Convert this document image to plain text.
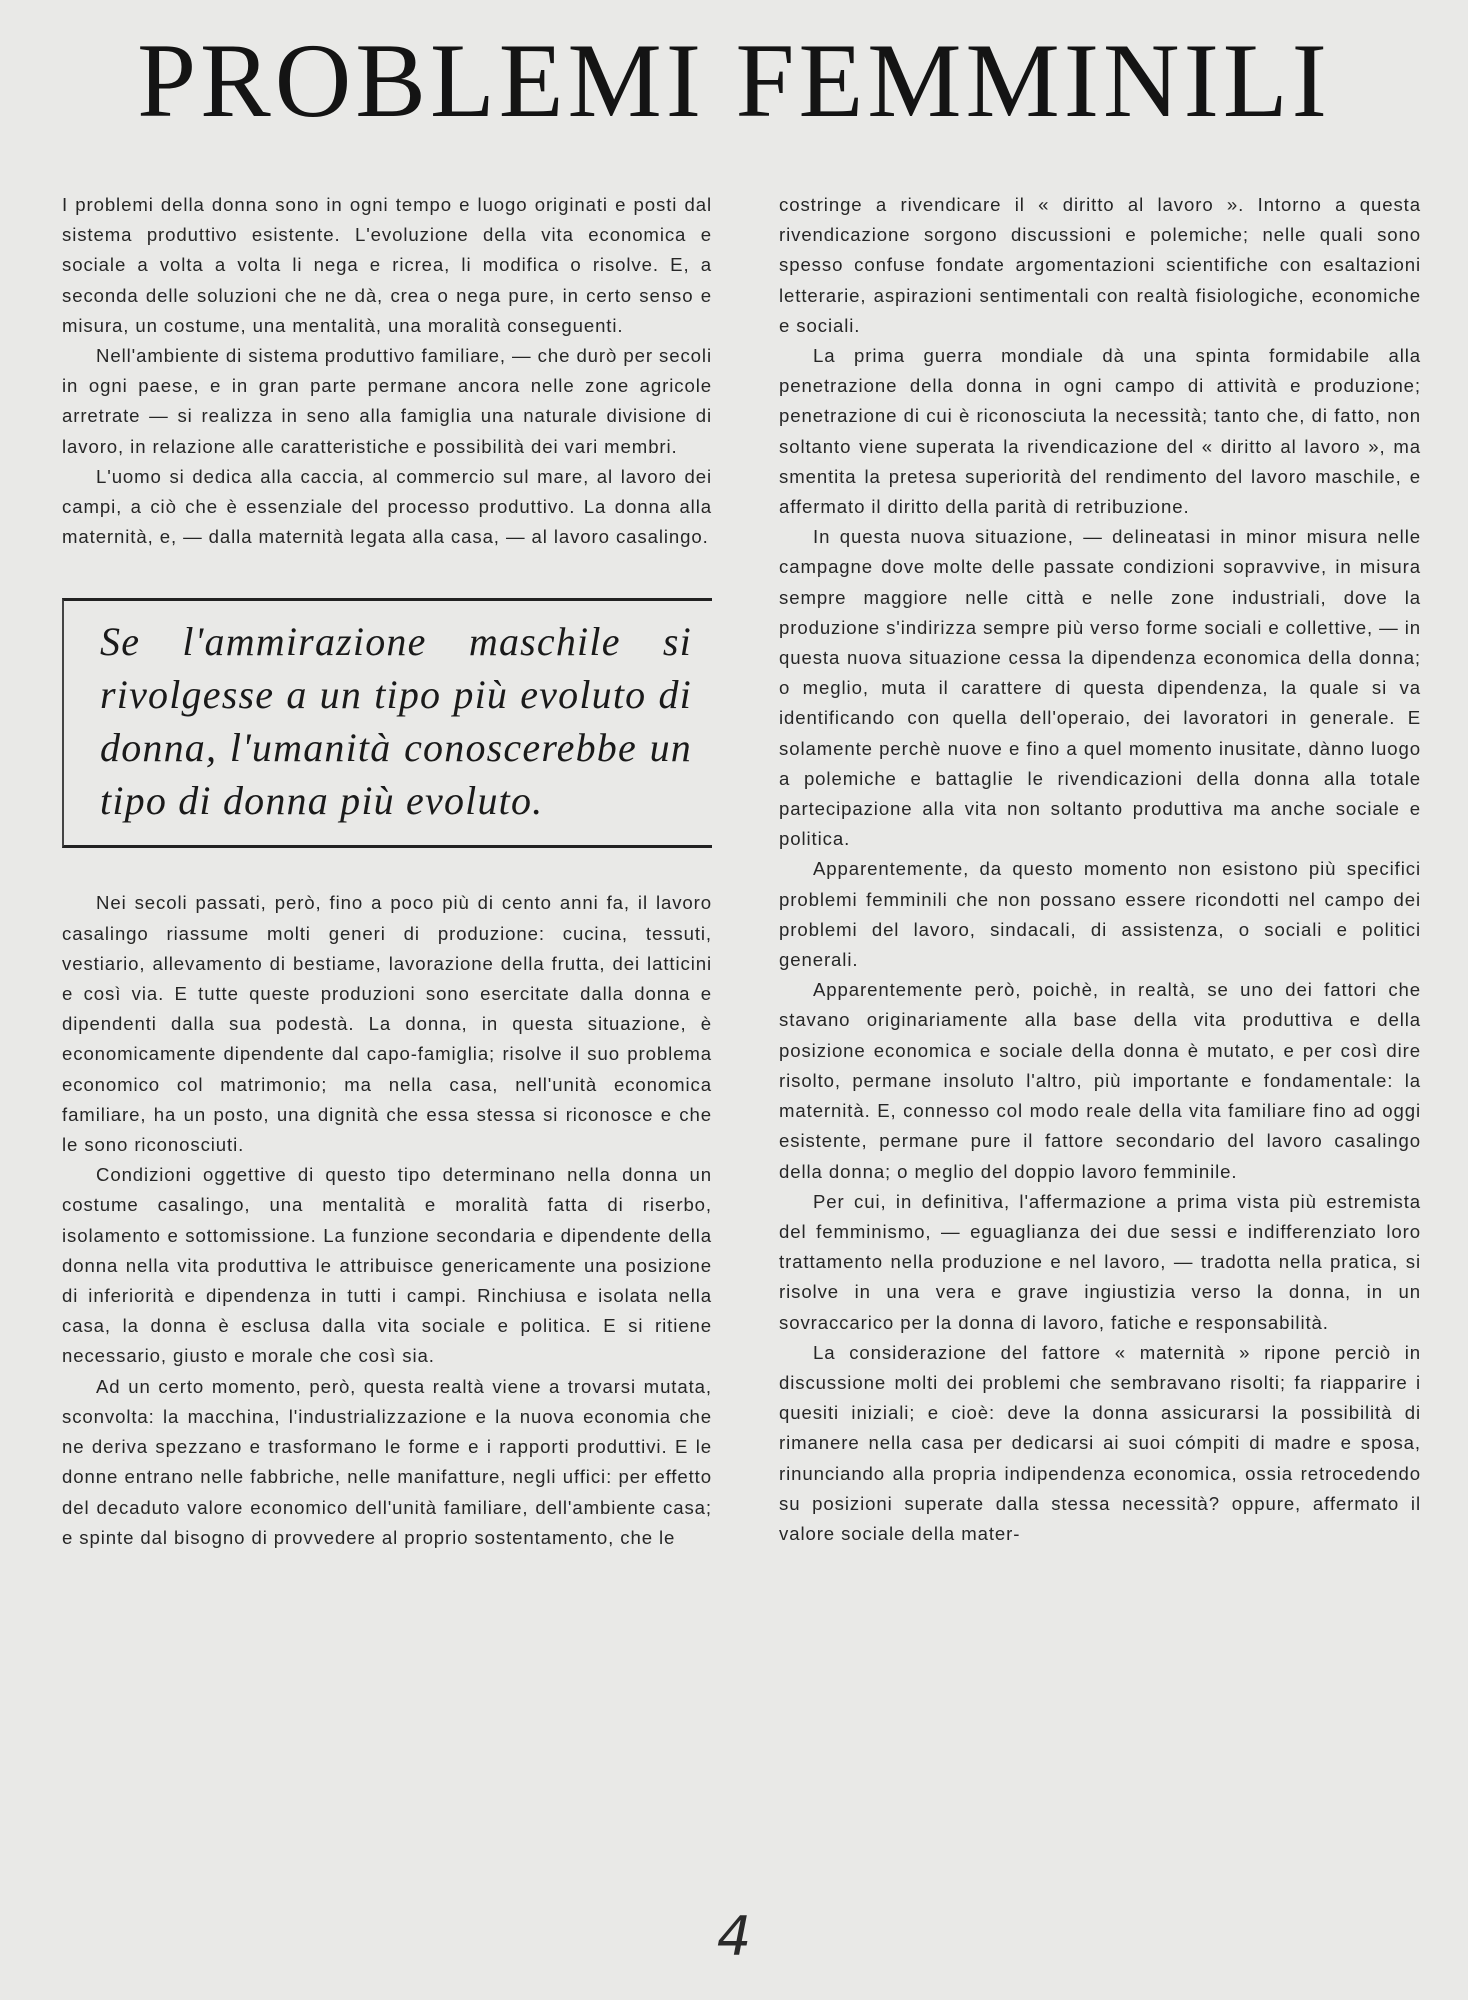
PROBLEMI FEMMINILI

I problemi della donna sono in ogni tempo e luogo originati e posti dal sistema produttivo esistente. L'evoluzione della vita economica e sociale a volta a volta li nega e ricrea, li modifica o risolve. E, a seconda delle soluzioni che ne dà, crea o nega pure, in certo senso e misura, un costume, una mentalità, una moralità conseguenti.

Nell'ambiente di sistema produttivo familiare, — che durò per secoli in ogni paese, e in gran parte permane ancora nelle zone agricole arretrate — si realizza in seno alla famiglia una naturale divisione di lavoro, in relazione alle caratteristiche e possibilità dei vari membri.

L'uomo si dedica alla caccia, al commercio sul mare, al lavoro dei campi, a ciò che è essenziale del processo produttivo. La donna alla maternità, e, — dalla maternità legata alla casa, — al lavoro casalingo.

Se l'ammirazione maschile si rivolgesse a un tipo più evoluto di donna, l'umanità conoscerebbe un tipo di donna più evoluto.

Nei secoli passati, però, fino a poco più di cento anni fa, il lavoro casalingo riassume molti generi di produzione: cucina, tessuti, vestiario, allevamento di bestiame, lavorazione della frutta, dei latticini e così via. E tutte queste produzioni sono esercitate dalla donna e dipendenti dalla sua podestà. La donna, in questa situazione, è economicamente dipendente dal capo-famiglia; risolve il suo problema economico col matrimonio; ma nella casa, nell'unità economica familiare, ha un posto, una dignità che essa stessa si riconosce e che le sono riconosciuti.

Condizioni oggettive di questo tipo determinano nella donna un costume casalingo, una mentalità e moralità fatta di riserbo, isolamento e sottomissione. La funzione secondaria e dipendente della donna nella vita produttiva le attribuisce genericamente una posizione di inferiorità e dipendenza in tutti i campi. Rinchiusa e isolata nella casa, la donna è esclusa dalla vita sociale e politica. E si ritiene necessario, giusto e morale che così sia.

Ad un certo momento, però, questa realtà viene a trovarsi mutata, sconvolta: la macchina, l'industrializzazione e la nuova economia che ne deriva spezzano e trasformano le forme e i rapporti produttivi. E le donne entrano nelle fabbriche, nelle manifatture, negli uffici: per effetto del decaduto valore economico dell'unità familiare, dell'ambiente casa; e spinte dal bisogno di provvedere al proprio sostentamento, che le

costringe a rivendicare il « diritto al lavoro ». Intorno a questa rivendicazione sorgono discussioni e polemiche; nelle quali sono spesso confuse fondate argomentazioni scientifiche con esaltazioni letterarie, aspirazioni sentimentali con realtà fisiologiche, economiche e sociali.

La prima guerra mondiale dà una spinta formidabile alla penetrazione della donna in ogni campo di attività e produzione; penetrazione di cui è riconosciuta la necessità; tanto che, di fatto, non soltanto viene superata la rivendicazione del « diritto al lavoro », ma smentita la pretesa superiorità del rendimento del lavoro maschile, e affermato il diritto della parità di retribuzione.

In questa nuova situazione, — delineatasi in minor misura nelle campagne dove molte delle passate condizioni sopravvive, in misura sempre maggiore nelle città e nelle zone industriali, dove la produzione s'indirizza sempre più verso forme sociali e collettive, — in questa nuova situazione cessa la dipendenza economica della donna; o meglio, muta il carattere di questa dipendenza, la quale si va identificando con quella dell'operaio, dei lavoratori in generale. E solamente perchè nuove e fino a quel momento inusitate, dànno luogo a polemiche e battaglie le rivendicazioni della donna alla totale partecipazione alla vita non soltanto produttiva ma anche sociale e politica.

Apparentemente, da questo momento non esistono più specifici problemi femminili che non possano essere ricondotti nel campo dei problemi del lavoro, sindacali, di assistenza, o sociali e politici generali.

Apparentemente però, poichè, in realtà, se uno dei fattori che stavano originariamente alla base della vita produttiva e della posizione economica e sociale della donna è mutato, e per così dire risolto, permane insoluto l'altro, più importante e fondamentale: la maternità. E, connesso col modo reale della vita familiare fino ad oggi esistente, permane pure il fattore secondario del lavoro casalingo della donna; o meglio del doppio lavoro femminile.

Per cui, in definitiva, l'affermazione a prima vista più estremista del femminismo, — eguaglianza dei due sessi e indifferenziato loro trattamento nella produzione e nel lavoro, — tradotta nella pratica, si risolve in una vera e grave ingiustizia verso la donna, in un sovraccarico per la donna di lavoro, fatiche e responsabilità.

La considerazione del fattore « maternità » ripone perciò in discussione molti dei problemi che sembravano risolti; fa riapparire i quesiti iniziali; e cioè: deve la donna assicurarsi la possibilità di rimanere nella casa per dedicarsi ai suoi cómpiti di madre e sposa, rinunciando alla propria indipendenza economica, ossia retrocedendo su posizioni superate dalla stessa necessità? oppure, affermato il valore sociale della mater-

4
